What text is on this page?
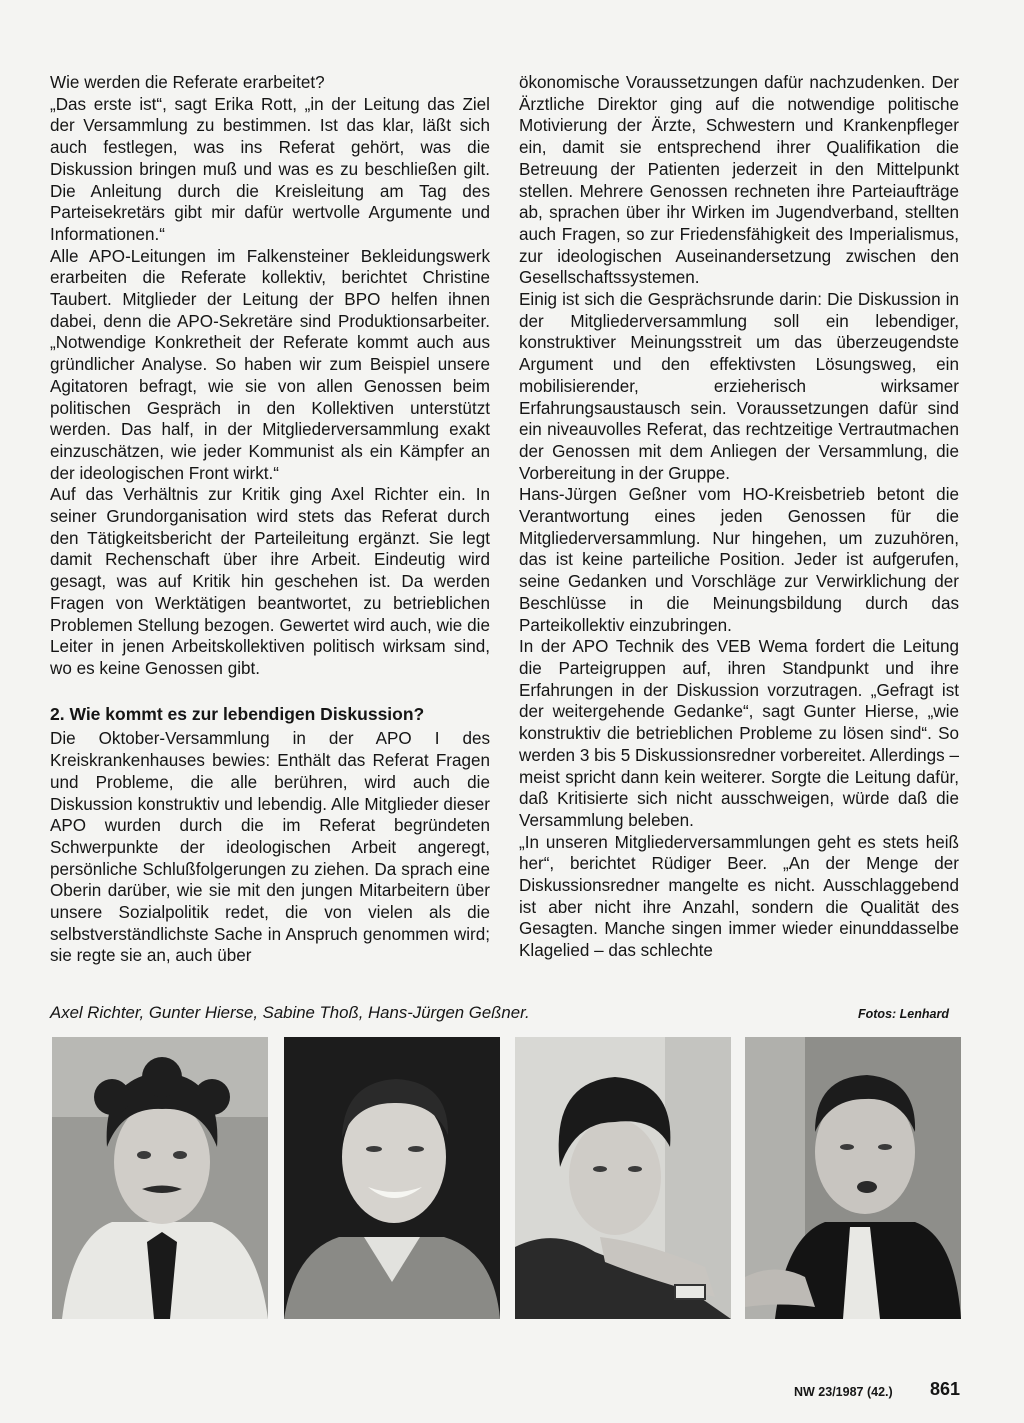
Wie werden die Referate erarbeitet?

„Das erste ist“, sagt Erika Rott, „in der Leitung das Ziel der Versammlung zu bestimmen. Ist das klar, läßt sich auch festlegen, was ins Referat gehört, was die Diskussion bringen muß und was es zu beschließen gilt. Die Anleitung durch die Kreisleitung am Tag des Parteisekretärs gibt mir dafür wertvolle Argumente und Informationen.“

Alle APO-Leitungen im Falkensteiner Bekleidungswerk erarbeiten die Referate kollektiv, berichtet Christine Taubert. Mitglieder der Leitung der BPO helfen ihnen dabei, denn die APO-Sekretäre sind Produktionsarbeiter. „Notwendige Konkretheit der Referate kommt auch aus gründlicher Analyse. So haben wir zum Beispiel unsere Agitatoren befragt, wie sie von allen Genossen beim politischen Gespräch in den Kollektiven unterstützt werden. Das half, in der Mitgliederversammlung exakt einzuschätzen, wie jeder Kommunist als ein Kämpfer an der ideologischen Front wirkt.“

Auf das Verhältnis zur Kritik ging Axel Richter ein. In seiner Grundorganisation wird stets das Referat durch den Tätigkeitsbericht der Parteileitung ergänzt. Sie legt damit Rechenschaft über ihre Arbeit. Eindeutig wird gesagt, was auf Kritik hin geschehen ist. Da werden Fragen von Werktätigen beantwortet, zu betrieblichen Problemen Stellung bezogen. Gewertet wird auch, wie die Leiter in jenen Arbeitskollektiven politisch wirksam sind, wo es keine Genossen gibt.

2. Wie kommt es zur lebendigen Diskussion?

Die Oktober-Versammlung in der APO I des Kreiskrankenhauses bewies: Enthält das Referat Fragen und Probleme, die alle berühren, wird auch die Diskussion konstruktiv und lebendig. Alle Mitglieder dieser APO wurden durch die im Referat begründeten Schwerpunkte der ideologischen Arbeit angeregt, persönliche Schlußfolgerungen zu ziehen. Da sprach eine Oberin darüber, wie sie mit den jungen Mitarbeitern über unsere Sozialpolitik redet, die von vielen als die selbstverständlichste Sache in Anspruch genommen wird; sie regte sie an, auch über

ökonomische Voraussetzungen dafür nachzudenken. Der Ärztliche Direktor ging auf die notwendige politische Motivierung der Ärzte, Schwestern und Krankenpfleger ein, damit sie entsprechend ihrer Qualifikation die Betreuung der Patienten jederzeit in den Mittelpunkt stellen. Mehrere Genossen rechneten ihre Parteiaufträge ab, sprachen über ihr Wirken im Jugendverband, stellten auch Fragen, so zur Friedensfähigkeit des Imperialismus, zur ideologischen Auseinandersetzung zwischen den Gesellschaftssystemen.

Einig ist sich die Gesprächsrunde darin: Die Diskussion in der Mitgliederversammlung soll ein lebendiger, konstruktiver Meinungsstreit um das überzeugendste Argument und den effektivsten Lösungsweg, ein mobilisierender, erzieherisch wirksamer Erfahrungsaustausch sein. Voraussetzungen dafür sind ein niveauvolles Referat, das rechtzeitige Vertrautmachen der Genossen mit dem Anliegen der Versammlung, die Vorbereitung in der Gruppe.

Hans-Jürgen Geßner vom HO-Kreisbetrieb betont die Verantwortung eines jeden Genossen für die Mitgliederversammlung. Nur hingehen, um zuzuhören, das ist keine parteiliche Position. Jeder ist aufgerufen, seine Gedanken und Vorschläge zur Verwirklichung der Beschlüsse in die Meinungsbildung durch das Parteikollektiv einzubringen.

In der APO Technik des VEB Wema fordert die Leitung die Parteigruppen auf, ihren Standpunkt und ihre Erfahrungen in der Diskussion vorzutragen. „Gefragt ist der weitergehende Gedanke“, sagt Gunter Hierse, „wie konstruktiv die betrieblichen Probleme zu lösen sind“. So werden 3 bis 5 Diskussionsredner vorbereitet. Allerdings – meist spricht dann kein weiterer. Sorgte die Leitung dafür, daß Kritisierte sich nicht ausschweigen, würde daß die Versammlung beleben.

„In unseren Mitgliederversammlungen geht es stets heiß her“, berichtet Rüdiger Beer. „An der Menge der Diskussionsredner mangelte es nicht. Ausschlaggebend ist aber nicht ihre Anzahl, sondern die Qualität des Gesagten. Manche singen immer wieder einunddasselbe Klagelied – das schlechte

Axel Richter, Gunter Hierse, Sabine Thoß, Hans-Jürgen Geßner.	Fotos: Lenhard
NW 23/1987 (42.) 861
